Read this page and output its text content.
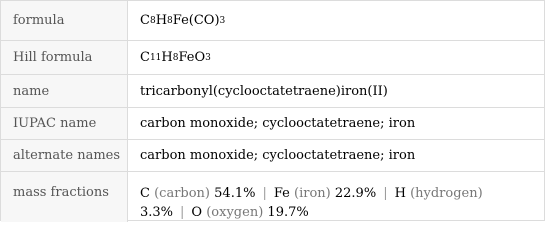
formula	C 8 H 8 Fe(CO) 3
Hill formula	C 11 H 8 FeO 3
name	tricarbonyl(cyclooctatetraene)iron(II)
IUPAC name	carbon monoxide; cyclooctatetraene; iron
alternate names	carbon monoxide; cyclooctatetraene; iron
mass fractions	C (carbon) 54.1% | Fe (iron) 22.9% | H (hydrogen)
3.3% | O (oxygen) 19.7%
